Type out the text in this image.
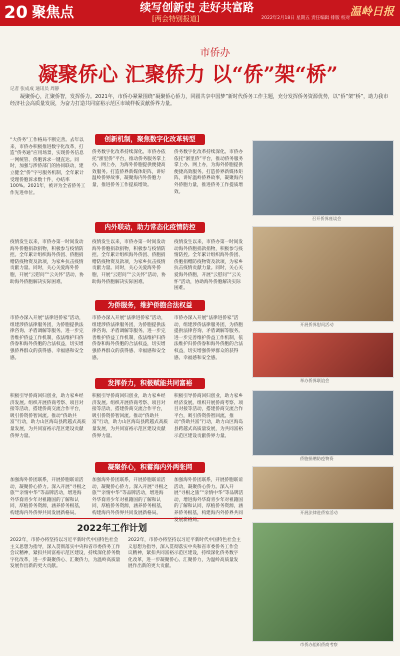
20 聚焦点	续写创新史 走好共富路
[两会特别报道]	2022年2月18日 星期五 责任编辑 排版 校对
温岭日报
市侨办
凝聚侨心 汇聚侨力 以“侨”架“桥”
记者 张成成 通讯员 周静

凝聚侨心，汇聚侨智，发挥侨力。2021年，市侨办紧紧围绕“凝聚侨心侨力，同圆共享中国梦”新时代侨务工作主题，充分发挥侨务资源优势，以“侨”架“桥”，助力我市经济社会高质量发展，为奋力打造共同富裕示范区市域样板贡献侨界力量。

“大侨务”工作格局不断完善。去年以来，市侨办积极推进数字化改革，打造“侨务通”应用场景，实现侨务信息一网统管、侨胞诉求一键直达。同时，加强与涉侨部门的协同联动，建立健全“侨”字号服务机制，全年累计受理侨胞诉求数十件，办结率100%。2021年，被评为全省侨务工作先进单位。

创新机制，聚焦数字化改革转型

侨务数字化改革持续深化。市侨办依托“浙里侨”平台，推动侨务服务掌上办、网上办，为海外侨胞提供便捷高效服务。打造侨界新媒体矩阵，讲好温岭侨界故事，凝聚海内外侨胞力量，推进侨务工作提质增效。

侨务数字化改革持续深化。市侨办依托“浙里侨”平台，推动侨务服务掌上办、网上办，为海外侨胞提供便捷高效服务。打造侨界新媒体矩阵，讲好温岭侨界故事，凝聚海内外侨胞力量，推进侨务工作提质增效。

内外联动，助力常态化疫情防控

疫情发生以来，市侨办第一时间发动海外侨胞捐款捐物，积极参与疫情防控。全年累计组织海外侨团、侨胞捐赠防疫物资及款项，为家乡抗击疫情贡献力量。同时，关心关爱海外侨胞，开展“云慰问”“云关怀”活动，协助海外侨胞解决实际困难。

疫情发生以来，市侨办第一时间发动海外侨胞捐款捐物，积极参与疫情防控。全年累计组织海外侨团、侨胞捐赠防疫物资及款项，为家乡抗击疫情贡献力量。同时，关心关爱海外侨胞，开展“云慰问”“云关怀”活动，协助海外侨胞解决实际困难。

疫情发生以来，市侨办第一时间发动海外侨胞捐款捐物，积极参与疫情防控。全年累计组织海外侨团、侨胞捐赠防疫物资及款项，为家乡抗击疫情贡献力量。同时，关心关爱海外侨胞，开展“云慰问”“云关怀”活动，协助海外侨胞解决实际困难。

为侨服务，维护侨胞合法权益

市侨办深入开展“法律进侨家”活动，组建涉侨法律服务团，为侨胞提供法律咨询、矛盾调解等服务。进一步完善维护侨益工作机制，依法维护归侨侨眷和海外侨胞的合法权益，切实增强侨界群众的获得感、幸福感和安全感。

市侨办深入开展“法律进侨家”活动，组建涉侨法律服务团，为侨胞提供法律咨询、矛盾调解等服务。进一步完善维护侨益工作机制，依法维护归侨侨眷和海外侨胞的合法权益，切实增强侨界群众的获得感、幸福感和安全感。

市侨办深入开展“法律进侨家”活动，组建涉侨法律服务团，为侨胞提供法律咨询、矛盾调解等服务。进一步完善维护侨益工作机制，依法维护归侨侨眷和海外侨胞的合法权益，切实增强侨界群众的获得感、幸福感和安全感。

发挥侨力，积极赋能共同富裕

积极引导侨商回归创业，助力家乡经济发展。组织开展侨商考察、项目对接等活动，搭建侨商交流合作平台，吸引侨资侨智回流。推动“侨助共富”行动，助力山区海岛县跨越式高质量发展，为共同富裕示范区建设贡献侨界力量。

积极引导侨商回归创业，助力家乡经济发展。组织开展侨商考察、项目对接等活动，搭建侨商交流合作平台，吸引侨资侨智回流。推动“侨助共富”行动，助力山区海岛县跨越式高质量发展，为共同富裕示范区建设贡献侨界力量。

积极引导侨商回归创业，助力家乡经济发展。组织开展侨商考察、项目对接等活动，搭建侨商交流合作平台，吸引侨资侨智回流。推动“侨助共富”行动，助力山区海岛县跨越式高质量发展，为共同富裕示范区建设贡献侨界力量。

凝聚侨心，积蓄海内外两张网

加强海外侨团联系，开展侨胞联谊活动，凝聚侨心侨力。深入开展“寻根之旅”“亲情中华”等品牌活动，增进海外华裔青少年对祖籍国的了解和认同，厚植侨务资源，涵养侨务根基，构建海内外侨界共同发展新格局。

加强海外侨团联系，开展侨胞联谊活动，凝聚侨心侨力。深入开展“寻根之旅”“亲情中华”等品牌活动，增进海外华裔青少年对祖籍国的了解和认同，厚植侨务资源，涵养侨务根基，构建海内外侨界共同发展新格局。

加强海外侨团联系，开展侨胞联谊活动，凝聚侨心侨力。深入开展“寻根之旅”“亲情中华”等品牌活动，增进海外华裔青少年对祖籍国的了解和认同，厚植侨务资源，涵养侨务根基，构建海内外侨界共同发展新格局。

2022年工作计划

2022年，市侨办将坚持以习近平新时代中国特色社会主义思想为指导，深入贯彻落实中央和省市委侨务工作会议精神，紧扣共同富裕示范区建设，持续深化侨务数字化改革，进一步凝聚侨心、汇聚侨力，为温岭高质量发展作出新的更大贡献。

2022年，市侨办将坚持以习近平新时代中国特色社会主义思想为指导，深入贯彻落实中央和省市委侨务工作会议精神，紧扣共同富裕示范区建设，持续深化侨务数字化改革，进一步凝聚侨心、汇聚侨力，为温岭高质量发展作出新的更大贡献。

召开侨界座谈会
开展侨界慰问活动
举办侨界联谊会
侨胞捐赠防疫物资
开展法律进侨家活动
市侨办组织侨商考察
